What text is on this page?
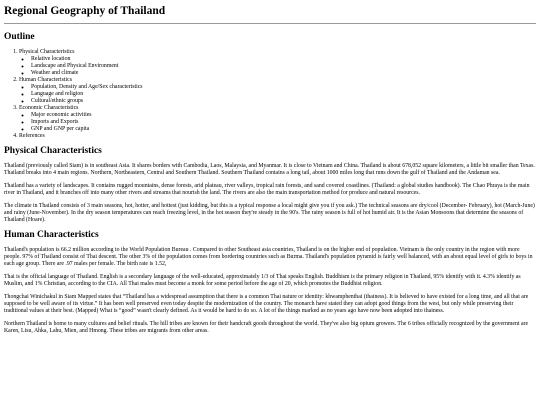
Regional Geography of Thailand
Outline
1. Physical Characteristics
◦ Relative location
◦ Landscape and Physical Environment
◦ Weather and climate
2. Human Characteristics
◦ Population, Density and Age/Sex characteristics
◦ Language and religion
◦ Cultural/ethnic groups
3. Economic Characteristics
◦ Major economic activities
◦ Imports and Exports
◦ GNP and GNP per capita
4. References
Physical Characteristics

Thailand (previously called Siam) is in southeast Asia. It shares borders with Cambodia, Laos, Malaysia, and Myanmar. It is close to Vietnam and China. Thailand is about 678,052 square kilometers, a little bit smaller than Texas. Thailand breaks into 4 main regions. Northern, Northeastern, Central and Southern Thailand. Southern Thailand contains a long tail, about 1000 miles long that runs down the gulf of Thailand and the Andaman sea.

Thailand has a variety of landscapes. It contains rugged mountains, dense forests, arid plateau, river valleys, tropical rain forests, and sand covered coastlines. (Thailand: a global studies handbook). The Chao Phraya is the main river in Thailand, and it branches off into many other rivers and streams that nourish the land. The rivers are also the main transportation method for produce and natural resources.

The climate in Thailand consists of 3 main seasons, hot, hotter, and hottest (just kidding, but this is a typical response a local might give you if you ask.) The technical seasons are dry/cool (December- February), hot (March-June) and rainy (June-November). In the dry season temperatures can reach freezing level, in the hot season they're steady in the 90's. The rainy season is full of hot humid air. It is the Asian Monsoons that determine the seasons of Thailand (Hoare).

Human Characteristics

Thailand's population is 66.2 million according to the World Population Bureau . Compared to other Southeast asia countries, Thailand is on the higher end of population. Vietnam is the only country in the region with more people. 97% of Thailand consist of Thai descent. The other 3% of the population comes from bordering countries such as Burma. Thailand's population pyramid is fairly well balanced, with an about equal level of girls to boys in each age group. There are .97 males per female. The birth rate is 1.52,

Thai is the official language of Thailand. English is a secondary language of the well-educated, approximately 1/3 of Thai speaks English. Buddhism is the primary religion in Thailand, 95% identify with it. 4.3% identify as Muslim, and 1% Christian, according to the CIA. All Thai males must become a monk for some period before the age of 20, which promotes the Buddhist religion.

Thongchai Winichakul in Siam Mapped states that “Thailand has a widespread assumption that there is a common Thai nature or identity: khwamphenthai (thainess). It is believed to have existed for a long time, and all that are supposed to be well aware of its virtue.” It has been well preserved even today despite the modernization of the country. The monarch have stated they can adopt good things from the west, but only while preserving their traditional values at their best. (Mapped) What is “good” wasn't clearly defined. As it would be hard to do so. A lot of the things marked as no years ago have now been adopted into thainess.

Northern Thailand is home to many cultures and belief rituals. The hill tribes are known for their handcraft goods throughout the world. They've also big opium growers. The 6 tribes officially recognized by the government are Karen, Lisu, Ahka, Lahu, Mien, and Hmong. These tribes are migrants from other areas.
